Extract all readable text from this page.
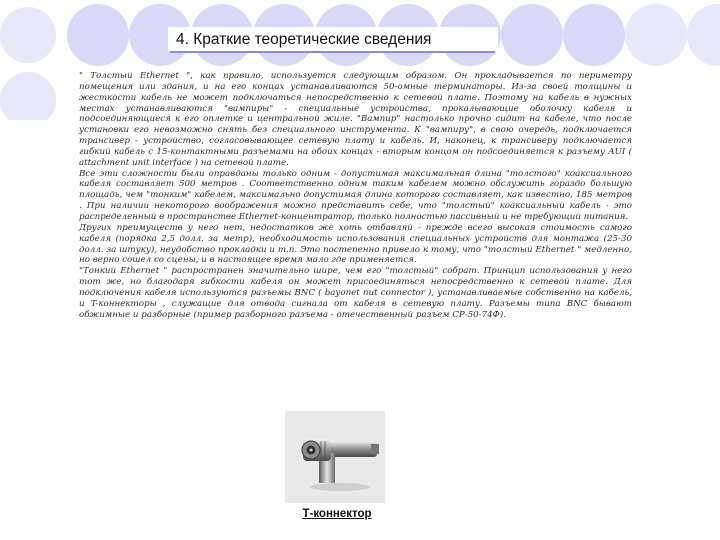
4. Краткие теоретические сведения

" Толстый Ethernet ", как правило, используется следующим образом. Он прокладывается по периметру помещения или здания, и на его концах устанавливаются 50-омные терминаторы. Из-за своей толщины и жесткости кабель не может подключаться непосредственно к сетевой плате. Поэтому на кабель в нужных местах устанавливаются "вампиры" - специальные устройства, прокалывающие оболочку кабеля и подсоединяющиеся к его оплетке и центральной жиле. "Вампир" настолько прочно сидит на кабеле, что после установки его невозможно снять без специального инструмента. К "вампиру", в свою очередь, подключается трансивер - устройство, согласовывающее сетевую плату и кабель. И, наконец, к трансиверу подключается гибкий кабель с 15-контактными разъемами на обоих концах - вторым концом он подсоединяется к разъему AUI ( attachment unit interface ) на сетевой плате.

Все эти сложности были оправданы только одним - допустимая максимальная длина "толстого" коаксиального кабеля составляет 500 метров . Соответственно одним таким кабелем можно обслужить гораздо большую площадь, чем "тонким" кабелем, максимально допустимая длина которого составляет, как известно, 185 метров . При наличии некоторого воображения можно представить себе, что "толстый" коаксиальный кабель - это распределенный в пространстве Ethernet-концентратор, только полностью пассивный и не требующий питания.

Других преимуществ у него нет, недостатков же хоть отбавляй - прежде всего высокая стоимость самого кабеля (порядка 2,5 долл. за метр), необходимость использования специальных устройств для монтажа (25-30 долл. за штуку), неудобство прокладки и т.п. Это постепенно привело к тому, что "толстый Ethernet " медленно, но верно сошел со сцены, и в настоящее время мало где применяется.

"Тонкий Ethernet " распространен значительно шире, чем его "толстый" собрат. Принцип использования у него тот же, но благодаря гибкости кабеля он может присоединяться непосредственно к сетевой плате. Для подключения кабеля используются разъемы BNC ( bayonet nut connector ), устанавливаемые собственно на кабель, и T-коннекторы , служащие для отвода сигнала от кабеля в сетевую плату. Разъемы типа BNC бывают обжимные и разборные (пример разборного разъема - отечественный разъем СР-50-74Ф).

Т-коннектор
